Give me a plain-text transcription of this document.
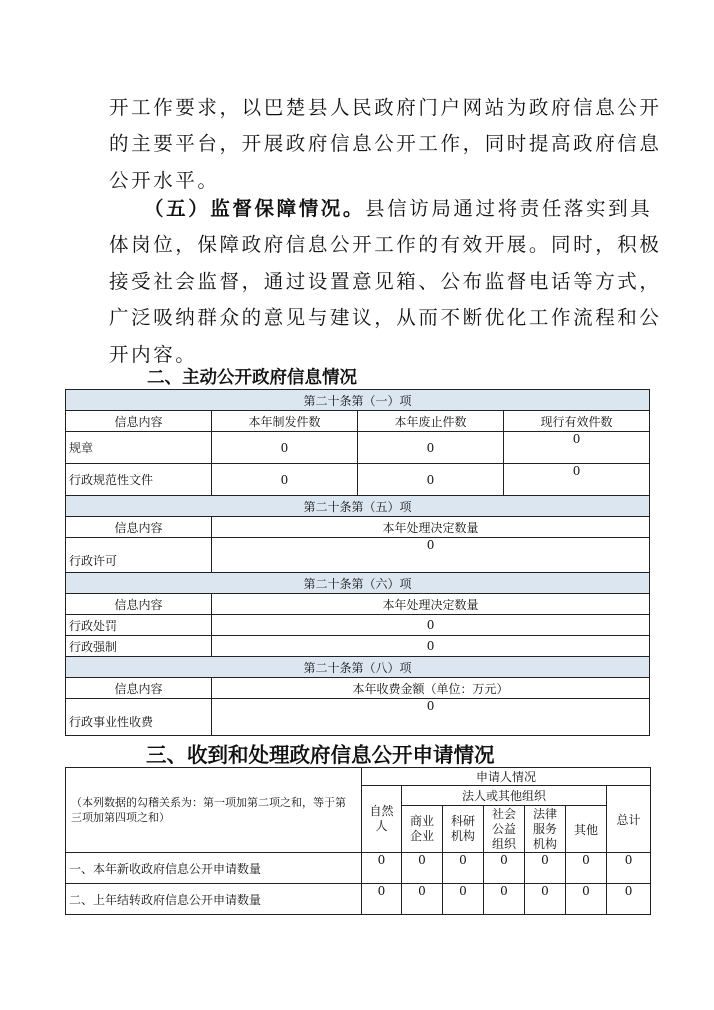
开工作要求，以巴楚县人民政府门户网站为政府信息公开
的主要平台，开展政府信息公开工作，同时提高政府信息
公开水平。
（五）监督保障情况。县信访局通过将责任落实到具
体岗位，保障政府信息公开工作的有效开展。同时，积极
接受社会监督，通过设置意见箱、公布监督电话等方式，
广泛吸纳群众的意见与建议，从而不断优化工作流程和公
开内容。
二、主动公开政府信息情况
第二十条第（一）项			
信息内容	本年制发件数	本年废止件数	现行有效件数
规章	0	0	0
行政规范性文件	0	0	0
第二十条第（五）项			
信息内容	本年处理决定数量		
行政许可	0		
第二十条第（六）项			
信息内容	本年处理决定数量		
行政处罚	0		
行政强制	0		
第二十条第（八）项			
信息内容	本年收费金额（单位：万元）		
行政事业性收费	0		
三、收到和处理政府信息公开申请情况
（本列数据的勾稽关系为：第一项加第二项之和，等于第三项加第四项之和）	申请人情况						
	自然人	法人或其他组织					总计
		商业企业	科研机构	社会公益组织	法律服务机构	其他	
一、本年新收政府信息公开申请数量	0	0	0	0	0	0	0
二、上年结转政府信息公开申请数量	0	0	0	0	0	0	0
